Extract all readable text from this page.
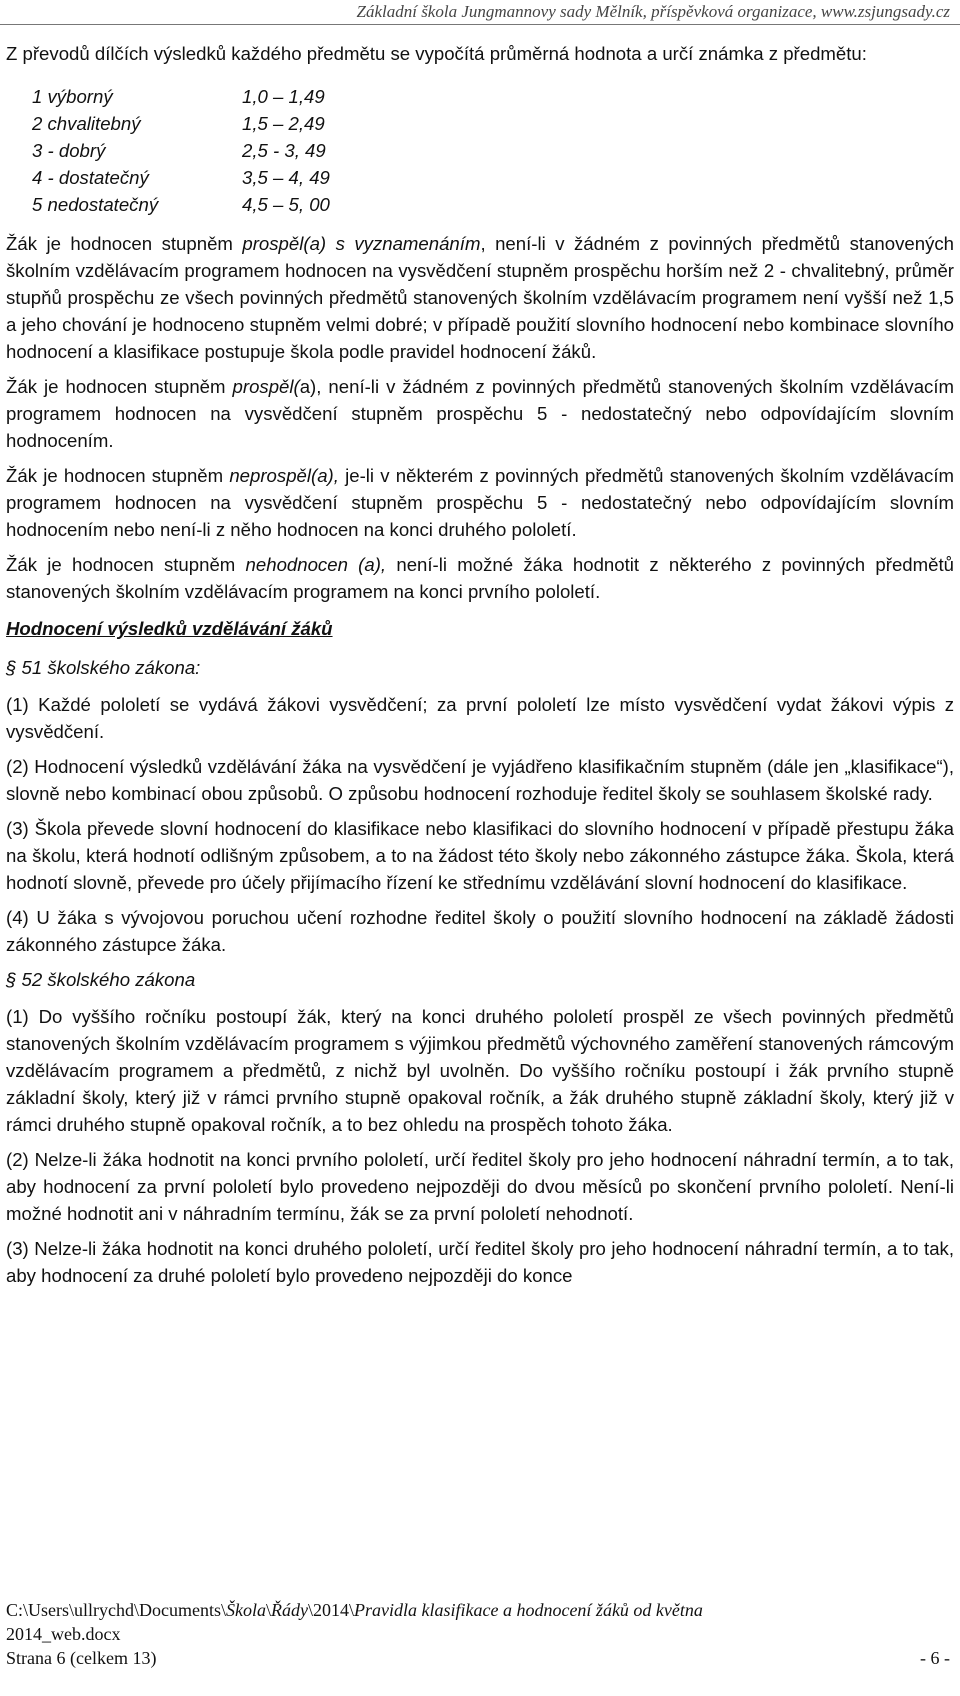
Základní škola Jungmannovy sady Mělník, příspěvková organizace, www.zsjungsady.cz

Z převodů dílčích výsledků každého předmětu se vypočítá průměrná hodnota a určí známka z předmětu:

1 výborný	1,0 – 1,49
2 chvalitebný	1,5 – 2,49
3 - dobrý	2,5 - 3, 49
4 - dostatečný	3,5 – 4, 49
5 nedostatečný	4,5 – 5, 00

Žák je hodnocen stupněm prospěl(a) s vyznamenáním, není-li v žádném z povinných předmětů stanovených školním vzdělávacím programem hodnocen na vysvědčení stupněm prospěchu horším než 2 - chvalitebný, průměr stupňů prospěchu ze všech povinných předmětů stanovených školním vzdělávacím programem není vyšší než 1,5 a jeho chování je hodnoceno stupněm velmi dobré; v případě použití slovního hodnocení nebo kombinace slovního hodnocení a klasifikace postupuje škola podle pravidel hodnocení žáků.

Žák je hodnocen stupněm prospěl(a), není-li v žádném z povinných předmětů stanovených školním vzdělávacím programem hodnocen na vysvědčení stupněm prospěchu 5 - nedostatečný nebo odpovídajícím slovním hodnocením.

Žák je hodnocen stupněm neprospěl(a), je-li v některém z povinných předmětů stanovených školním vzdělávacím programem hodnocen na vysvědčení stupněm prospěchu 5 - nedostatečný nebo odpovídajícím slovním hodnocením nebo není-li z něho hodnocen na konci druhého pololetí.

Žák je hodnocen stupněm nehodnocen (a), není-li možné žáka hodnotit z některého z povinných předmětů stanovených školním vzdělávacím programem na konci prvního pololetí.

Hodnocení výsledků vzdělávání žáků
§ 51 školského zákona:

(1) Každé pololetí se vydává žákovi vysvědčení; za první pololetí lze místo vysvědčení vydat žákovi výpis z vysvědčení.

(2) Hodnocení výsledků vzdělávání žáka na vysvědčení je vyjádřeno klasifikačním stupněm (dále jen „klasifikace“), slovně nebo kombinací obou způsobů. O způsobu hodnocení rozhoduje ředitel školy se souhlasem školské rady.

(3) Škola převede slovní hodnocení do klasifikace nebo klasifikaci do slovního hodnocení v případě přestupu žáka na školu, která hodnotí odlišným způsobem, a to na žádost této školy nebo zákonného zástupce žáka. Škola, která hodnotí slovně, převede pro účely přijímacího řízení ke střednímu vzdělávání slovní hodnocení do klasifikace.

(4) U žáka s vývojovou poruchou učení rozhodne ředitel školy o použití slovního hodnocení na základě žádosti zákonného zástupce žáka.

§ 52 školského zákona

(1) Do vyššího ročníku postoupí žák, který na konci druhého pololetí prospěl ze všech povinných předmětů stanovených školním vzdělávacím programem s výjimkou předmětů výchovného zaměření stanovených rámcovým vzdělávacím programem a předmětů, z nichž byl uvolněn. Do vyššího ročníku postoupí i žák prvního stupně základní školy, který již v rámci prvního stupně opakoval ročník, a žák druhého stupně základní školy, který již v rámci druhého stupně opakoval ročník, a to bez ohledu na prospěch tohoto žáka.

(2) Nelze-li žáka hodnotit na konci prvního pololetí, určí ředitel školy pro jeho hodnocení náhradní termín, a to tak, aby hodnocení za první pololetí bylo provedeno nejpozději do dvou měsíců po skončení prvního pololetí. Není-li možné hodnotit ani v náhradním termínu, žák se za první pololetí nehodnotí.

(3) Nelze-li žáka hodnotit na konci druhého pololetí, určí ředitel školy pro jeho hodnocení náhradní termín, a to tak, aby hodnocení za druhé pololetí bylo provedeno nejpozději do konce

C:\Users\ullrychd\Documents\Škola\Řády\2014\Pravidla klasifikace a hodnocení žáků od května
2014_web.docx
Strana 6 (celkem 13)	- 6 -
